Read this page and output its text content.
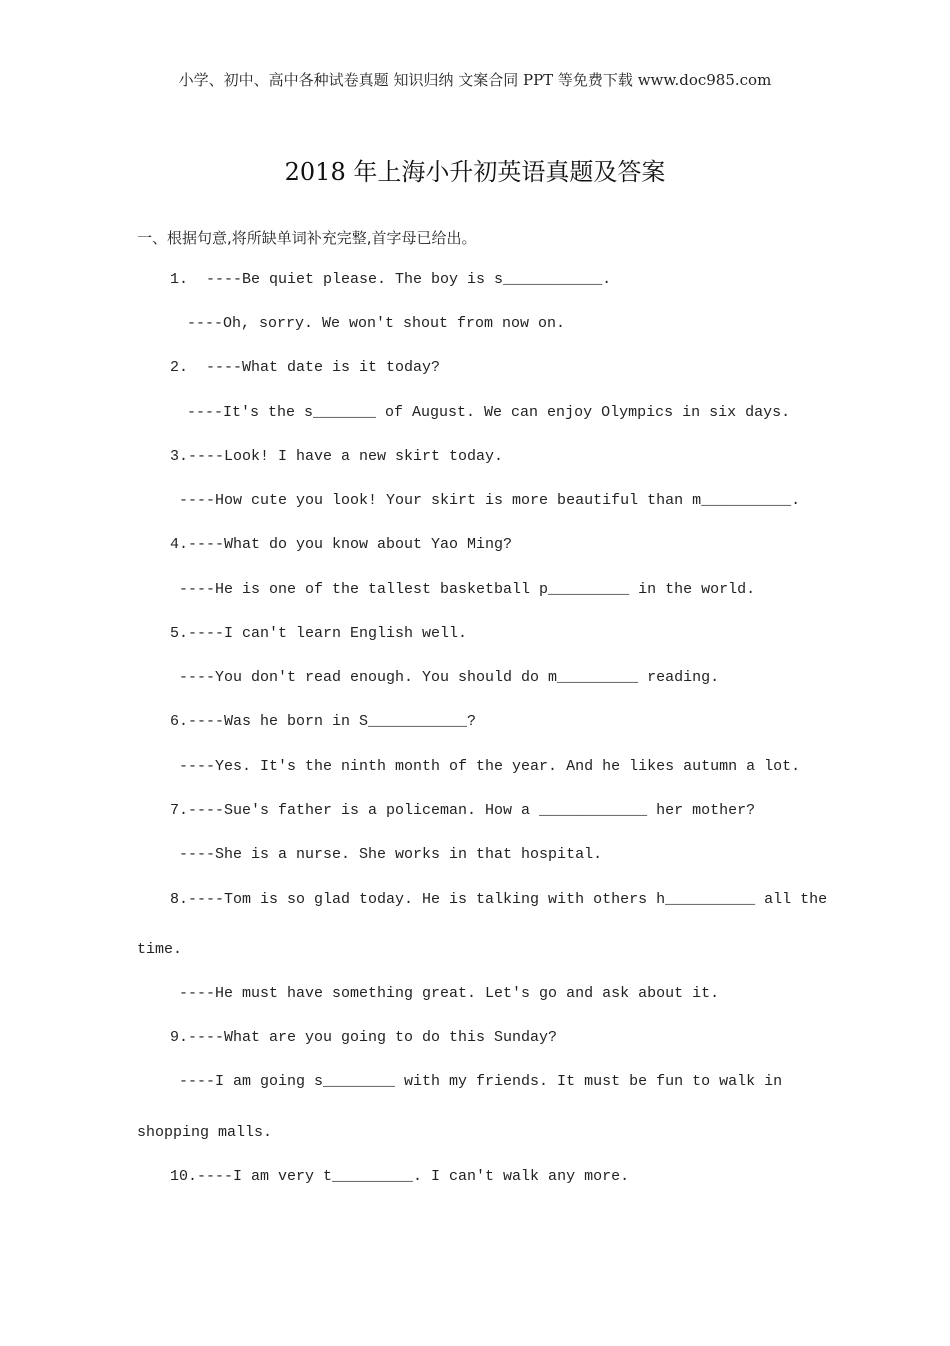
小学、初中、高中各种试卷真题 知识归纳 文案合同 PPT 等免费下载 www.doc985.com
2018 年上海小升初英语真题及答案
一、根据句意,将所缺单词补充完整,首字母已给出。
1.  ----Be quiet please. The boy is s___________.
----Oh, sorry. We won't shout from now on.
2.  ----What date is it today?
----It's the s_______ of August. We can enjoy Olympics in six days.
3.----Look! I have a new skirt today.
----How cute you look! Your skirt is more beautiful than m__________.
4.----What do you know about Yao Ming?
----He is one of the tallest basketball p_________ in the world.
5.----I can't learn English well.
----You don't read enough. You should do m_________ reading.
6.----Was he born in S___________?
----Yes. It's the ninth month of the year. And he likes autumn a lot.
7.----Sue's father is a policeman. How a ____________ her mother?
----She is a nurse. She works in that hospital.
8.----Tom is so glad today. He is talking with others h__________ all the
time.
----He must have something great. Let's go and ask about it.
9.----What are you going to do this Sunday?
----I am going s________ with my friends. It must be fun to walk in
shopping malls.
10.----I am very t_________. I can't walk any more.
